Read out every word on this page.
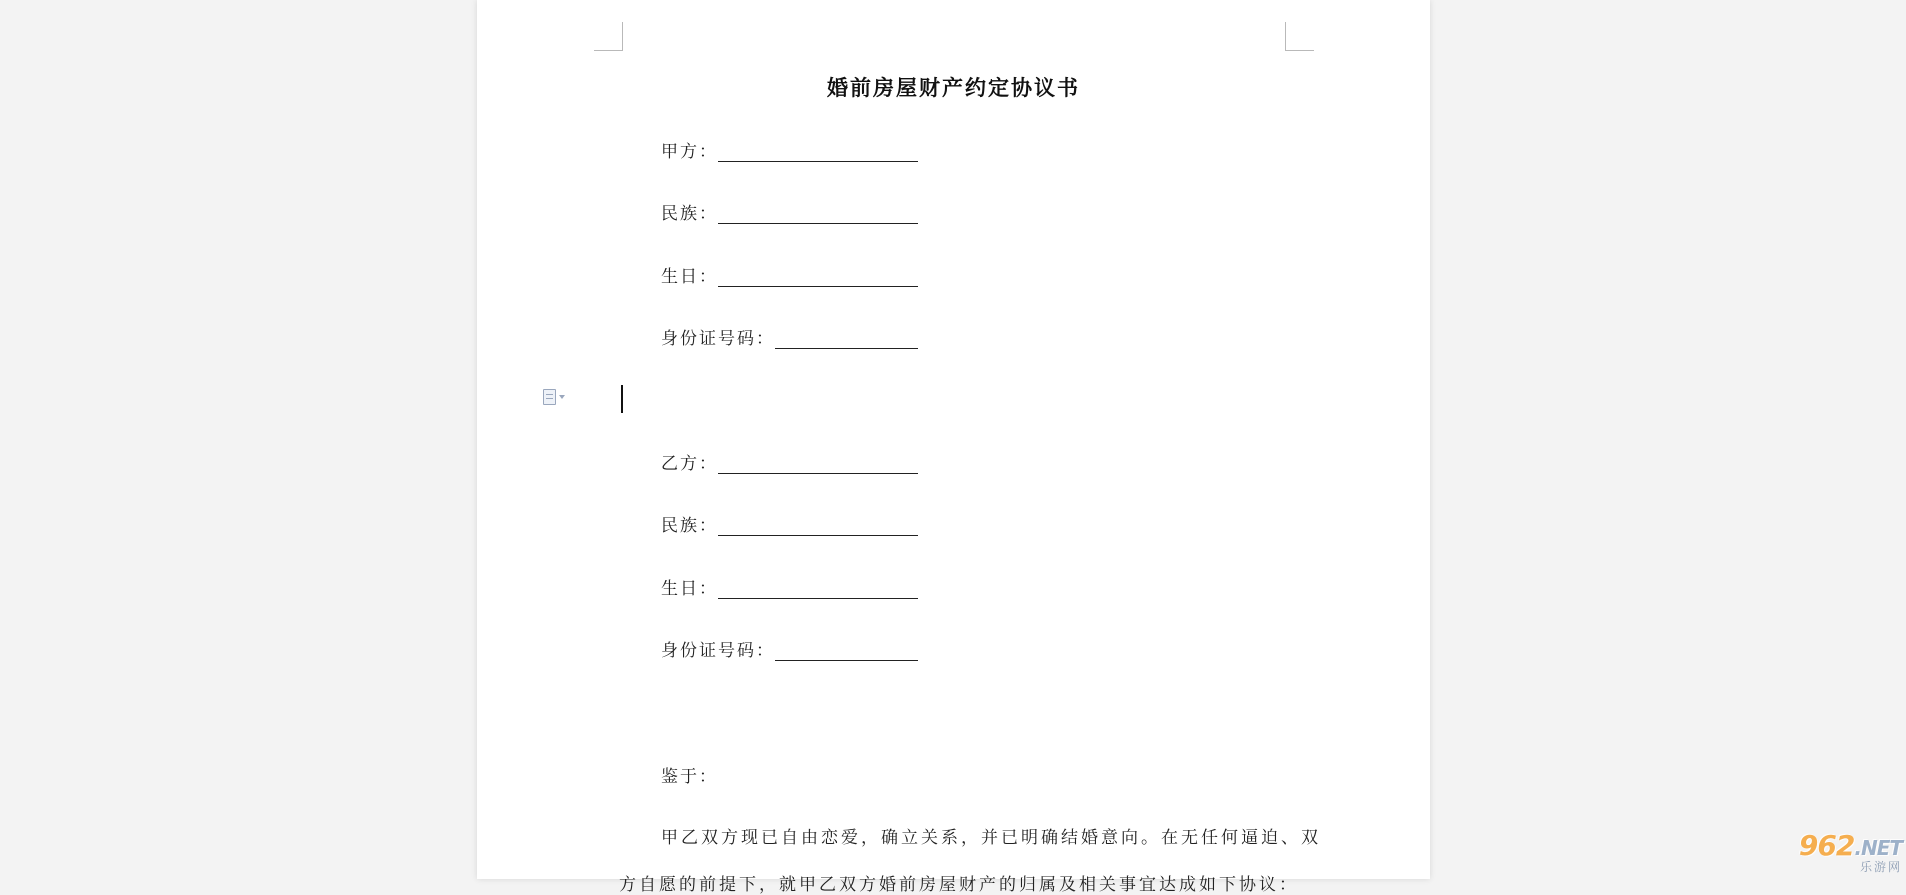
婚前房屋财产约定协议书
甲方：
民族：
生日：
身份证号码：
乙方：
民族：
生日：
身份证号码：
鉴于：
甲乙双方现已自由恋爱，确立关系，并已明确结婚意向。在无任何逼迫、双
方自愿的前提下，就甲乙双方婚前房屋财产的归属及相关事宜达成如下协议：
962.NET
乐游网
